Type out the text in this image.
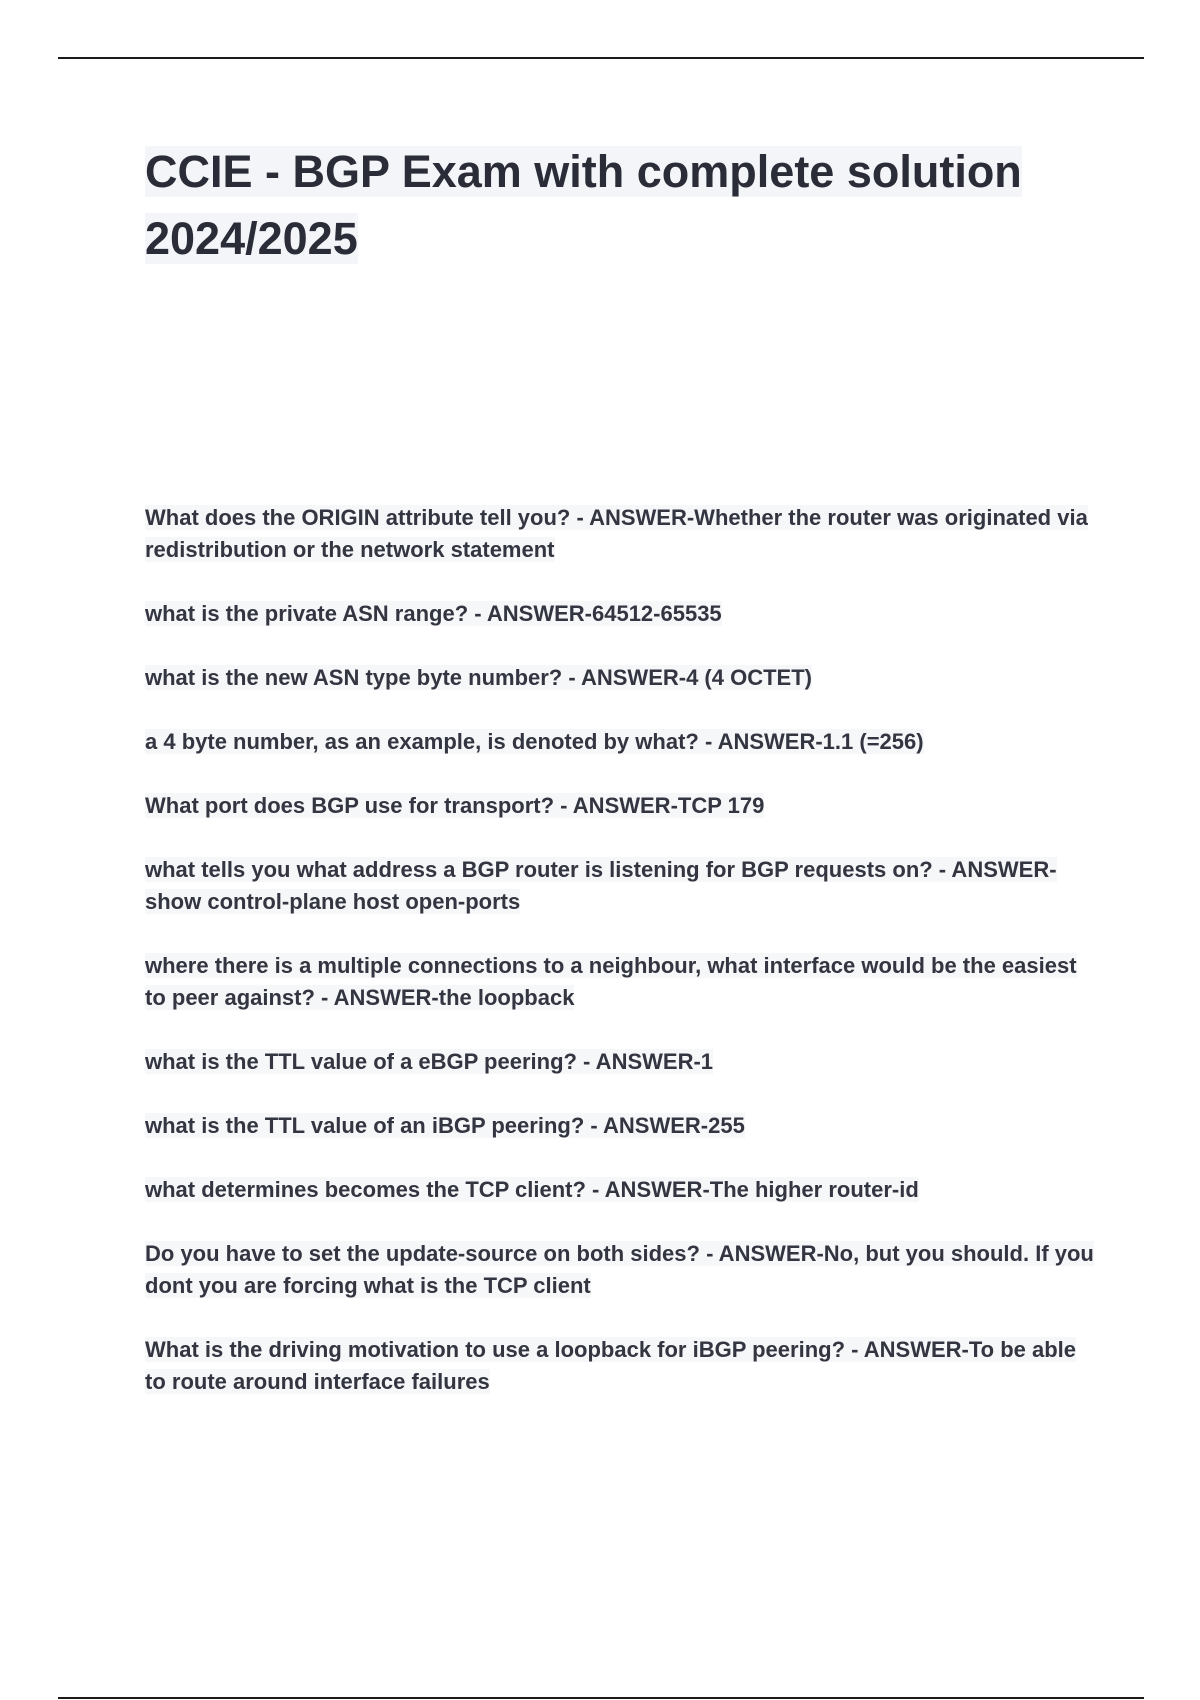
CCIE - BGP Exam with complete solution 2024/2025
What does the ORIGIN attribute tell you? - ANSWER-Whether the router was originated via redistribution or the network statement
what is the private ASN range? - ANSWER-64512-65535
what is the new ASN type byte number? - ANSWER-4 (4 OCTET)
a 4 byte number, as an example, is denoted by what? - ANSWER-1.1 (=256)
What port does BGP use for transport? - ANSWER-TCP 179
what tells you what address a BGP router is listening for BGP requests on? - ANSWER-show control-plane host open-ports
where there is a multiple connections to a neighbour, what interface would be the easiest to peer against? - ANSWER-the loopback
what is the TTL value of a eBGP peering? - ANSWER-1
what is the TTL value of an iBGP peering? - ANSWER-255
what determines becomes the TCP client? - ANSWER-The higher router-id
Do you have to set the update-source on both sides? - ANSWER-No, but you should. If you dont you are forcing what is the TCP client
What is the driving motivation to use a loopback for iBGP peering? - ANSWER-To be able to route around interface failures
